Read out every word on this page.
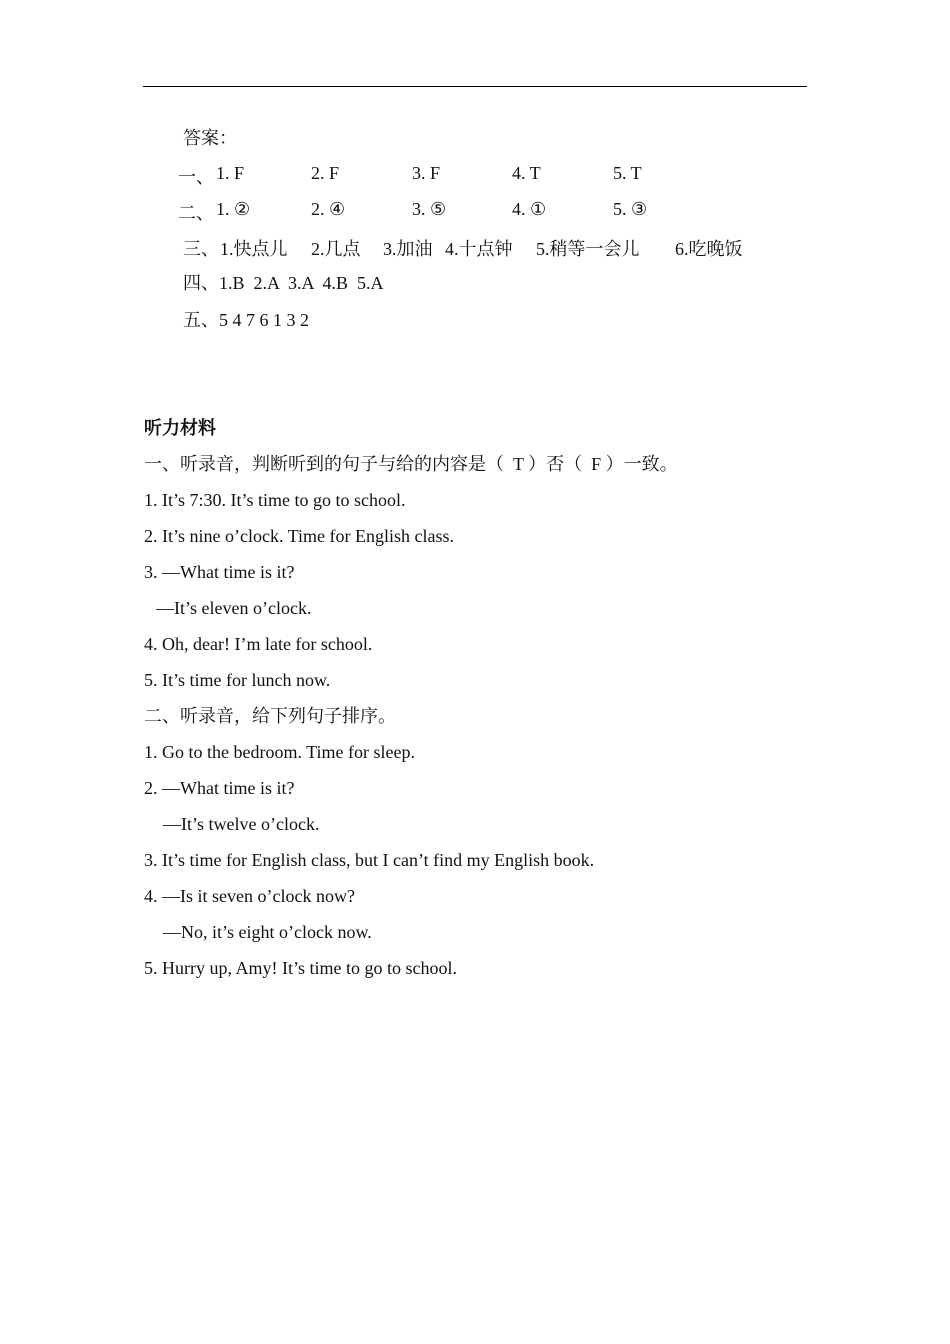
答案：
一、 1. F	2. F	3. F	4. T	5. T
二、 1. ②	2. ④	3. ⑤	4. ①	5. ③
三、 1.快点儿 2.几点 3.加油 4.十点钟 5.稍等一会儿 6.吃晚饭
四、1.B  2.A  3.A  4.B  5.A
五、5 4 7 6 1 3 2
听力材料
一、听录音，判断听到的句子与给的内容是（  T ）否（  F ）一致。
1. It’s 7:30. It’s time to go to school.
2. It’s nine o’clock. Time for English class.
3. —What time is it?
—It’s eleven o’clock.
4. Oh, dear! I’m late for school.
5. It’s time for lunch now.
二、听录音，给下列句子排序。
1. Go to the bedroom. Time for sleep.
2. —What time is it?
—It’s twelve o’clock.
3. It’s time for English class, but I can’t find my English book.
4. —Is it seven o’clock now?
—No, it’s eight o’clock now.
5. Hurry up, Amy! It’s time to go to school.
